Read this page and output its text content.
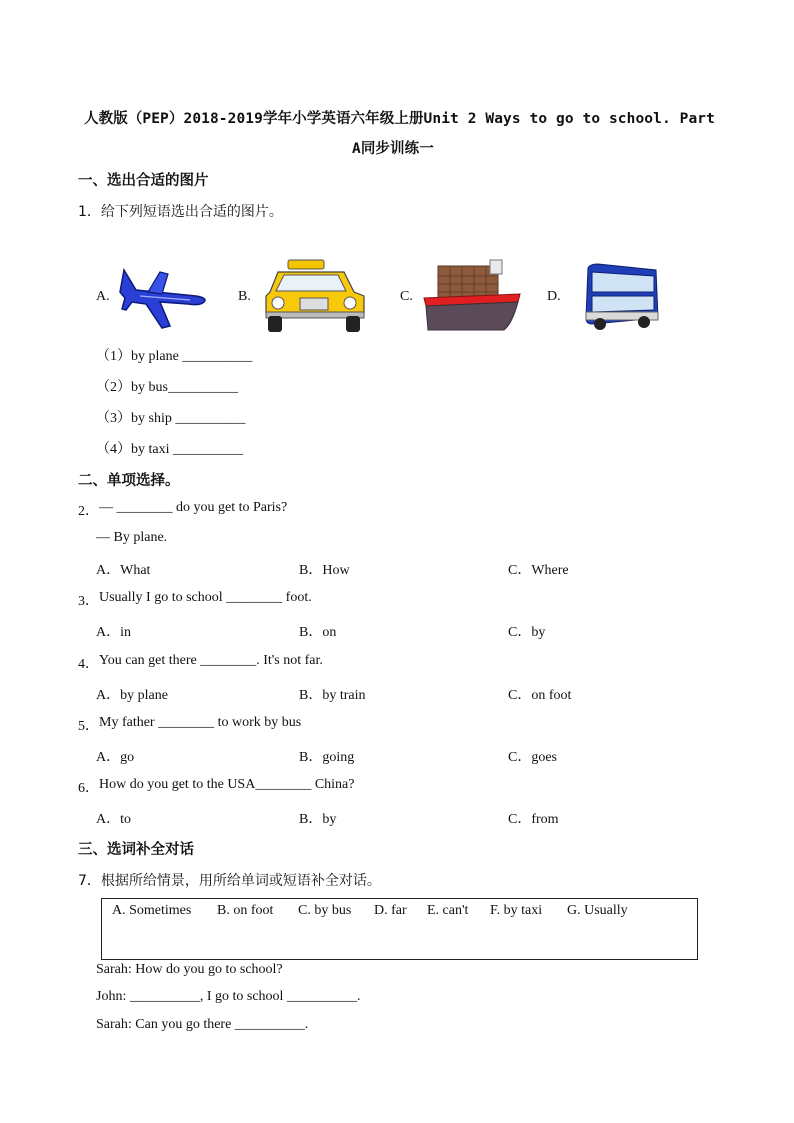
人教版（PEP）2018-2019学年小学英语六年级上册Unit 2 Ways to go to school. Part
A同步训练一
一、选出合适的图片
1．给下列短语选出合适的图片。
A.	B.	C.	D.
（1）by plane __________
（2）by bus__________
（3）by ship __________
（4）by taxi __________
二、单项选择。
2． — ________ do you get to Paris?
— By plane.
A．What	B．How	C．Where
3． Usually I go to school ________ foot.
A．in	B．on	C．by
4． You can get there ________. It's not far.
A．by plane	B．by train	C．on foot
5． My father ________ to work by bus
A．go	B．going	C．goes
6． How do you get to the USA________ China?
A．to	B．by	C．from
三、选词补全对话
7．根据所给情景，用所给单词或短语补全对话。
A. Sometimes B. on foot C. by bus D. far E. can't F. by taxi G. Usually
Sarah: How do you go to school?
John: __________, I go to school __________.
Sarah: Can you go there __________.
